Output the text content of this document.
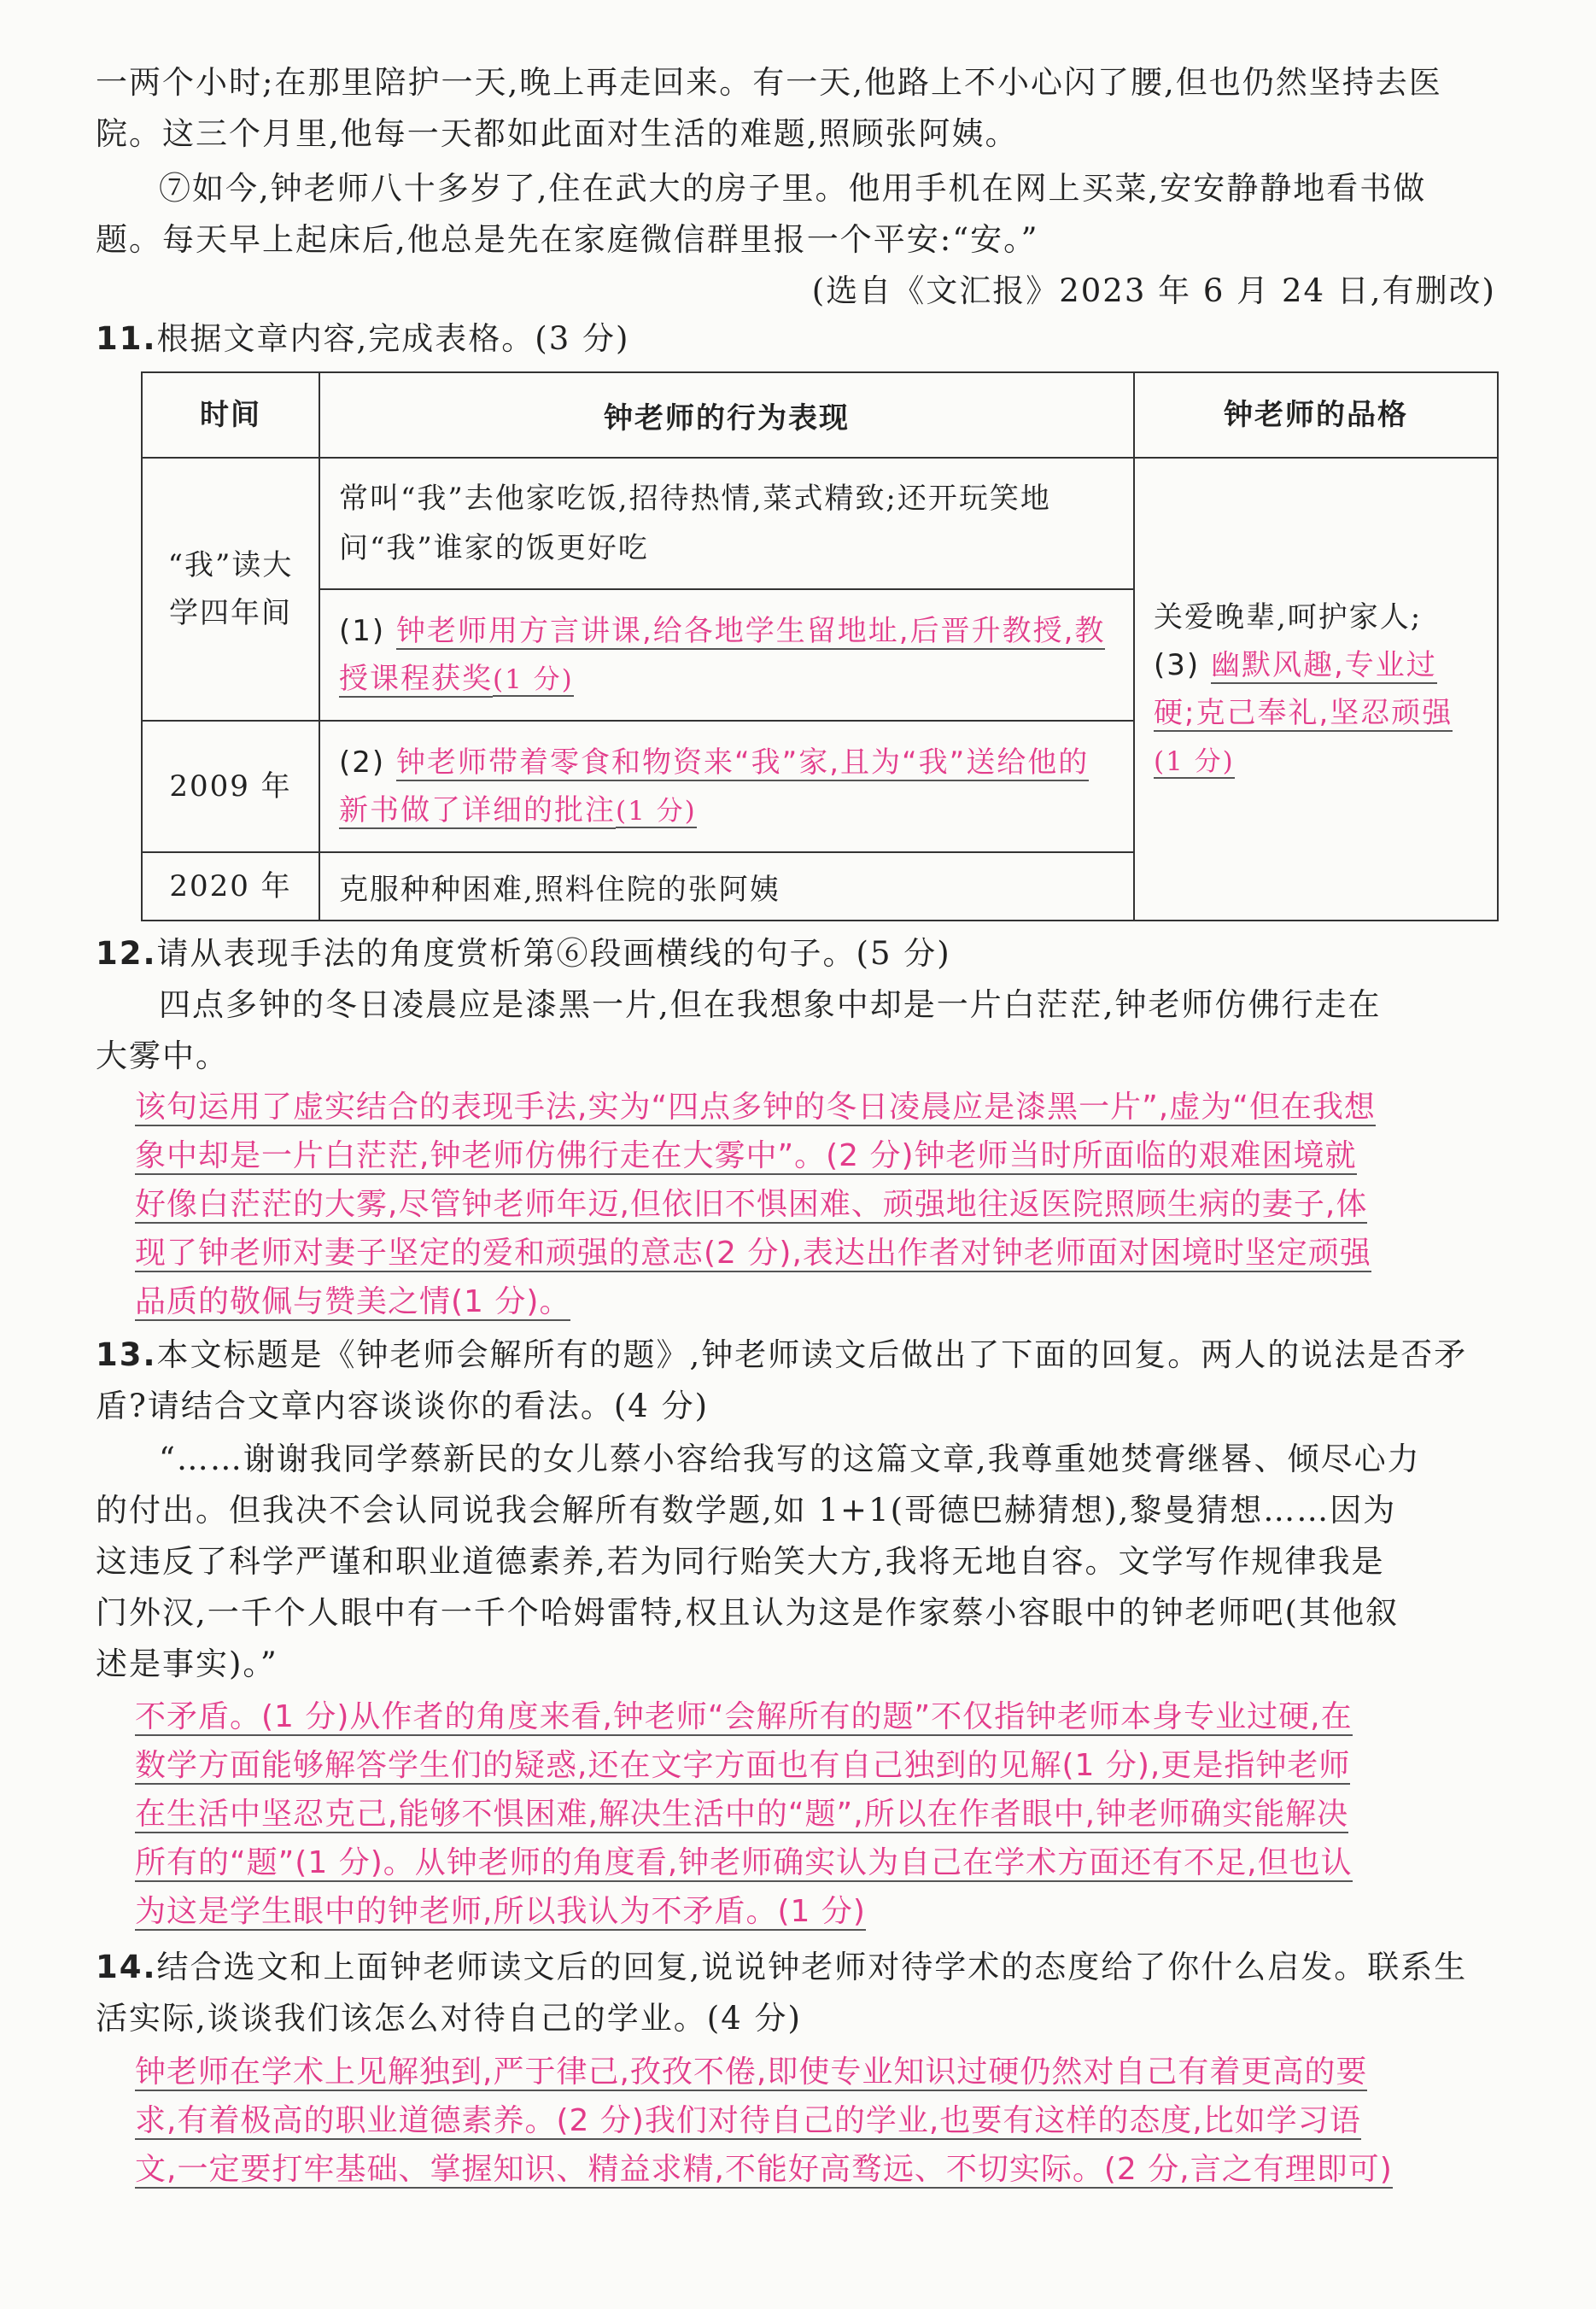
一两个小时;在那里陪护一天,晚上再走回来。有一天,他路上不小心闪了腰,但也仍然坚持去医

院。这三个月里,他每一天都如此面对生活的难题,照顾张阿姨。

⑦如今,钟老师八十多岁了,住在武大的房子里。他用手机在网上买菜,安安静静地看书做

题。每天早上起床后,他总是先在家庭微信群里报一个平安:“安。”

(选自《文汇报》2023 年 6 月 24 日,有删改)

11.根据文章内容,完成表格。(3 分)

时间	钟老师的行为表现	钟老师的品格
“我”读大学四年间	常叫“我”去他家吃饭,招待热情,菜式精致;还开玩笑地问“我”谁家的饭更好吃	关爱晚辈,呵护家人;
(3) 幽默风趣,专业过硬;克己奉礼,坚忍顽强(1 分)

	(1) 钟老师用方言讲课,给各地学生留地址,后晋升教授,教授课程获奖(1 分)	
2009 年	(2) 钟老师带着零食和物资来“我”家,且为“我”送给他的新书做了详细的批注(1 分)	
2020 年	克服种种困难,照料住院的张阿姨	

12.请从表现手法的角度赏析第⑥段画横线的句子。(5 分)

四点多钟的冬日凌晨应是漆黑一片,但在我想象中却是一片白茫茫,钟老师仿佛行走在

大雾中。

该句运用了虚实结合的表现手法,实为“四点多钟的冬日凌晨应是漆黑一片”,虚为“但在我想

象中却是一片白茫茫,钟老师仿佛行走在大雾中”。(2 分)钟老师当时所面临的艰难困境就

好像白茫茫的大雾,尽管钟老师年迈,但依旧不惧困难、顽强地往返医院照顾生病的妻子,体

现了钟老师对妻子坚定的爱和顽强的意志(2 分),表达出作者对钟老师面对困境时坚定顽强

品质的敬佩与赞美之情(1 分)。

13.本文标题是《钟老师会解所有的题》,钟老师读文后做出了下面的回复。两人的说法是否矛

盾?请结合文章内容谈谈你的看法。(4 分)

“……谢谢我同学蔡新民的女儿蔡小容给我写的这篇文章,我尊重她焚膏继晷、倾尽心力

的付出。但我决不会认同说我会解所有数学题,如 1+1(哥德巴赫猜想),黎曼猜想……因为

这违反了科学严谨和职业道德素养,若为同行贻笑大方,我将无地自容。文学写作规律我是

门外汉,一千个人眼中有一千个哈姆雷特,权且认为这是作家蔡小容眼中的钟老师吧(其他叙

述是事实)。”

不矛盾。(1 分)从作者的角度来看,钟老师“会解所有的题”不仅指钟老师本身专业过硬,在

数学方面能够解答学生们的疑惑,还在文字方面也有自己独到的见解(1 分),更是指钟老师

在生活中坚忍克己,能够不惧困难,解决生活中的“题”,所以在作者眼中,钟老师确实能解决

所有的“题”(1 分)。从钟老师的角度看,钟老师确实认为自己在学术方面还有不足,但也认

为这是学生眼中的钟老师,所以我认为不矛盾。(1 分)

14.结合选文和上面钟老师读文后的回复,说说钟老师对待学术的态度给了你什么启发。联系生

活实际,谈谈我们该怎么对待自己的学业。(4 分)

钟老师在学术上见解独到,严于律己,孜孜不倦,即使专业知识过硬仍然对自己有着更高的要

求,有着极高的职业道德素养。(2 分)我们对待自己的学业,也要有这样的态度,比如学习语

文,一定要打牢基础、掌握知识、精益求精,不能好高骛远、不切实际。(2 分,言之有理即可)
